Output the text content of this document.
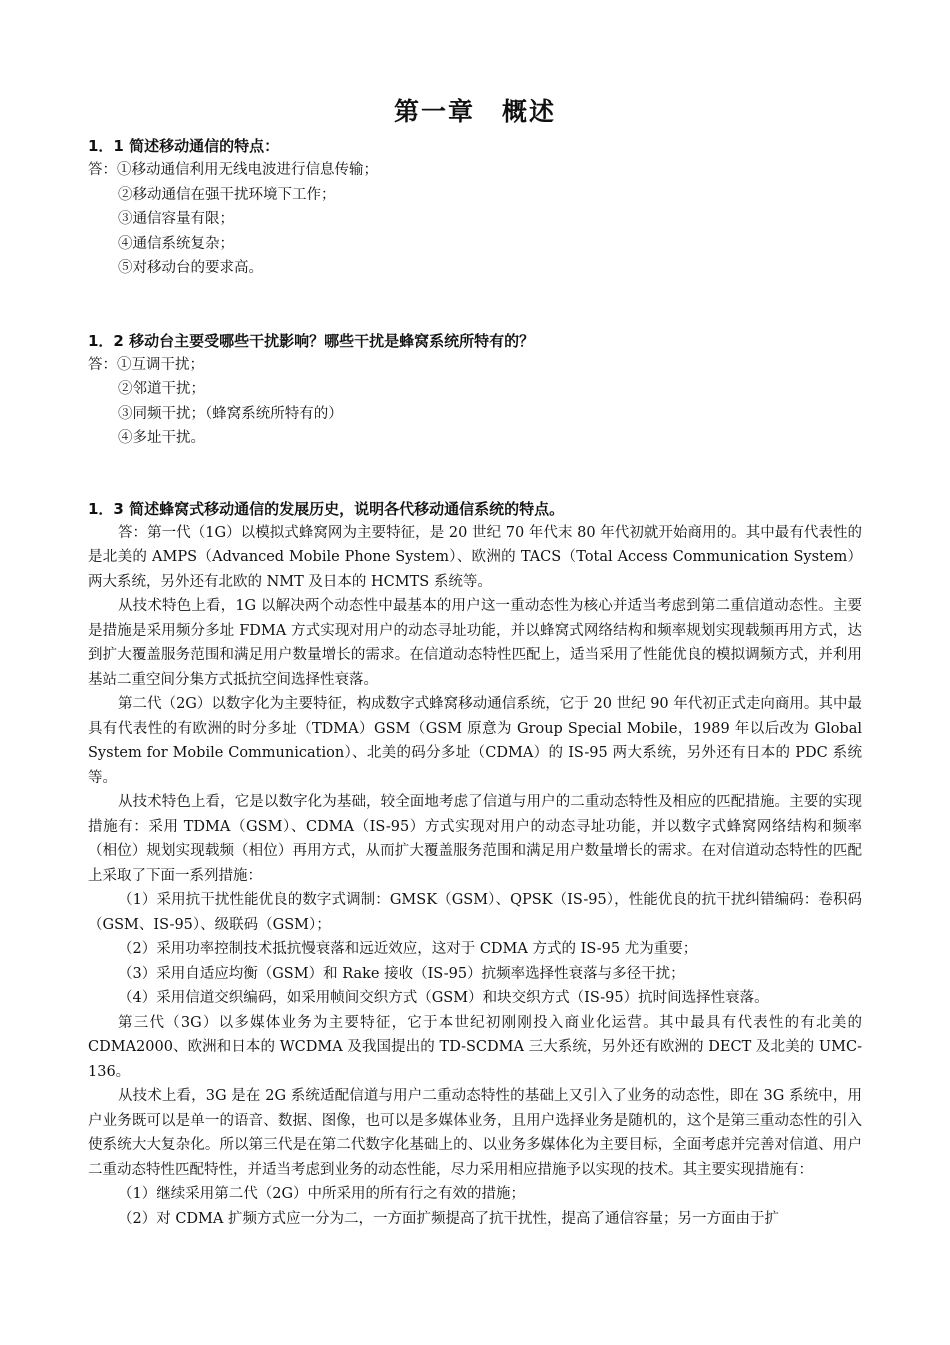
第一章　概述

1．1 简述移动通信的特点：

答：①移动通信利用无线电波进行信息传输；

②移动通信在强干扰环境下工作；

③通信容量有限；

④通信系统复杂；

⑤对移动台的要求高。

1．2 移动台主要受哪些干扰影响？哪些干扰是蜂窝系统所特有的？

答：①互调干扰；

②邻道干扰；

③同频干扰；（蜂窝系统所特有的）

④多址干扰。

1．3 简述蜂窝式移动通信的发展历史，说明各代移动通信系统的特点。

答：第一代（1G）以模拟式蜂窝网为主要特征，是 20 世纪 70 年代末 80 年代初就开始商用的。其中最有代表性的是北美的 AMPS（Advanced Mobile Phone System）、欧洲的 TACS（Total Access Communication System）两大系统，另外还有北欧的 NMT 及日本的 HCMTS 系统等。

从技术特色上看，1G 以解决两个动态性中最基本的用户这一重动态性为核心并适当考虑到第二重信道动态性。主要是措施是采用频分多址 FDMA 方式实现对用户的动态寻址功能，并以蜂窝式网络结构和频率规划实现载频再用方式，达到扩大覆盖服务范围和满足用户数量增长的需求。在信道动态特性匹配上，适当采用了性能优良的模拟调频方式，并利用基站二重空间分集方式抵抗空间选择性衰落。

第二代（2G）以数字化为主要特征，构成数字式蜂窝移动通信系统，它于 20 世纪 90 年代初正式走向商用。其中最具有代表性的有欧洲的时分多址（TDMA）GSM（GSM 原意为 Group Special Mobile，1989 年以后改为 Global System for Mobile Communication）、北美的码分多址（CDMA）的 IS-95 两大系统，另外还有日本的 PDC 系统等。

从技术特色上看，它是以数字化为基础，较全面地考虑了信道与用户的二重动态特性及相应的匹配措施。主要的实现措施有：采用 TDMA（GSM）、CDMA（IS-95）方式实现对用户的动态寻址功能，并以数字式蜂窝网络结构和频率（相位）规划实现载频（相位）再用方式，从而扩大覆盖服务范围和满足用户数量增长的需求。在对信道动态特性的匹配上采取了下面一系列措施：

（1）采用抗干扰性能优良的数字式调制：GMSK（GSM）、QPSK（IS-95），性能优良的抗干扰纠错编码：卷积码（GSM、IS-95）、级联码（GSM）；

（2）采用功率控制技术抵抗慢衰落和远近效应，这对于 CDMA 方式的 IS-95 尤为重要；

（3）采用自适应均衡（GSM）和 Rake 接收（IS-95）抗频率选择性衰落与多径干扰；

（4）采用信道交织编码，如采用帧间交织方式（GSM）和块交织方式（IS-95）抗时间选择性衰落。

第三代（3G）以多媒体业务为主要特征，它于本世纪初刚刚投入商业化运营。其中最具有代表性的有北美的 CDMA2000、欧洲和日本的 WCDMA 及我国提出的 TD-SCDMA 三大系统，另外还有欧洲的 DECT 及北美的 UMC-136。

从技术上看，3G 是在 2G 系统适配信道与用户二重动态特性的基础上又引入了业务的动态性，即在 3G 系统中，用户业务既可以是单一的语音、数据、图像，也可以是多媒体业务，且用户选择业务是随机的，这个是第三重动态性的引入使系统大大复杂化。所以第三代是在第二代数字化基础上的、以业务多媒体化为主要目标，全面考虑并完善对信道、用户二重动态特性匹配特性，并适当考虑到业务的动态性能，尽力采用相应措施予以实现的技术。其主要实现措施有：

（1）继续采用第二代（2G）中所采用的所有行之有效的措施；

（2）对 CDMA 扩频方式应一分为二，一方面扩频提高了抗干扰性，提高了通信容量；另一方面由于扩
